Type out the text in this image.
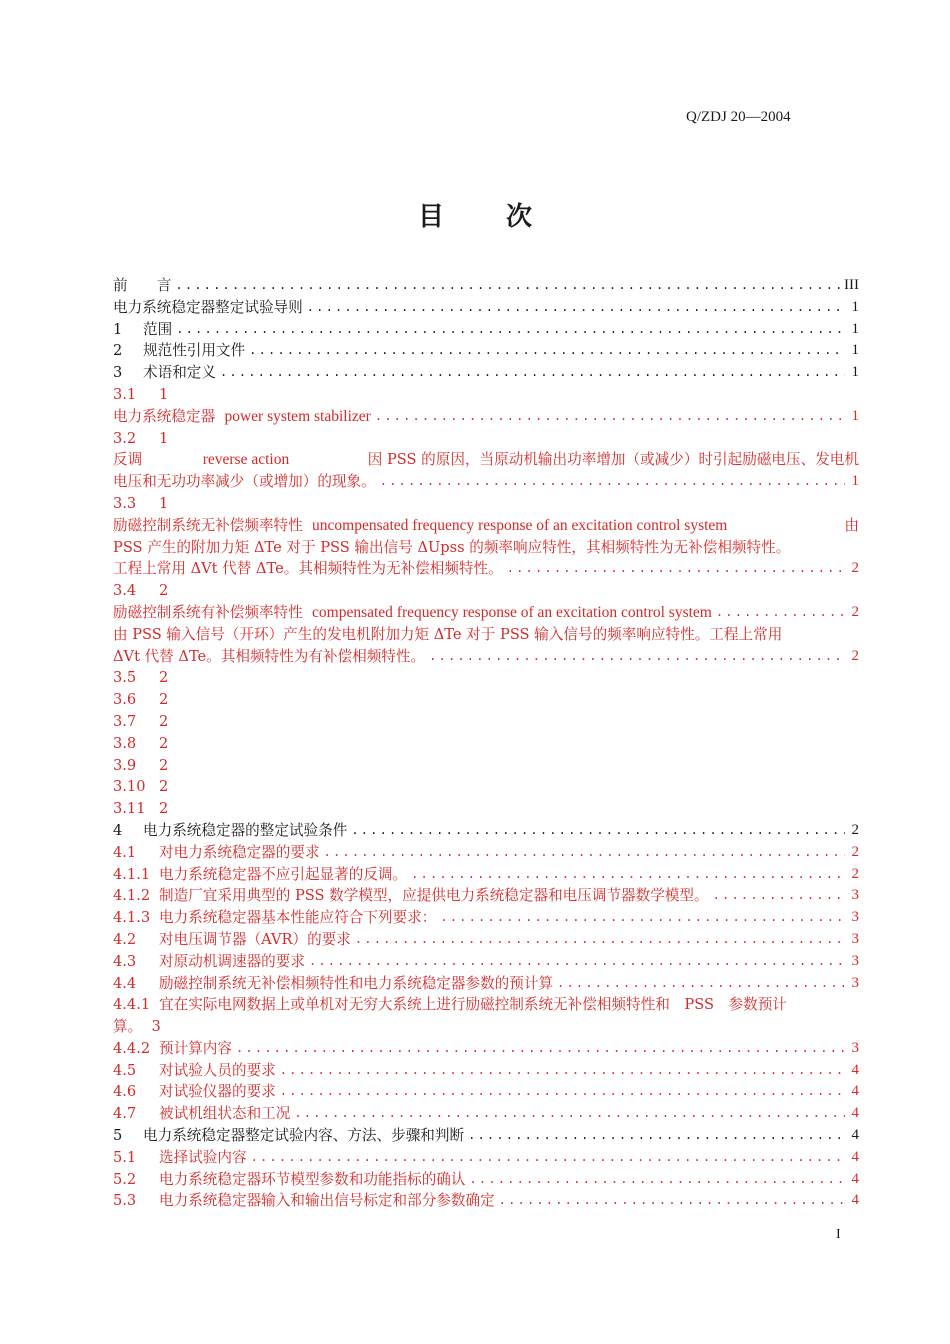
Q/ZDJ 20—2004
目 次
前　　言 .....	III
电力系统稳定器整定试验导则 .....	1
1 范围 .....	1
2 规范性引用文件 .....	1
3 术语和定义 .....	1
3.1 1
电力系统稳定器 power system stabilizer .....	1
3.2 1
反调	reverse action	因 PSS 的原因，当原动机输出功率增加（或减少）时引起励磁电压、发电机
电压和无功功率减少（或增加）的现象。 .....	1
3.3 1
励磁控制系统无补偿频率特性 uncompensated frequency response of an excitation control system	由
PSS 产生的附加力矩 ΔTe 对于 PSS 输出信号 ΔUpss 的频率响应特性，其相频特性为无补偿相频特性。
工程上常用 ΔVt 代替 ΔTe。其相频特性为无补偿相频特性。 .....	2
3.4 2
励磁控制系统有补偿频率特性 compensated frequency response of an excitation control system .....	2
由 PSS 输入信号（开环）产生的发电机附加力矩 ΔTe 对于 PSS 输入信号的频率响应特性。工程上常用
ΔVt 代替 ΔTe。其相频特性为有补偿相频特性。 .....	2
3.5 2
3.6 2
3.7 2
3.8 2
3.9 2
3.10 2
3.11 2
4 电力系统稳定器的整定试验条件 .....	2
4.1 对电力系统稳定器的要求 .....	2
4.1.1 电力系统稳定器不应引起显著的反调。 .....	2
4.1.2 制造厂宜采用典型的 PSS 数学模型，应提供电力系统稳定器和电压调节器数学模型。 .....	3
4.1.3 电力系统稳定器基本性能应符合下列要求： .....	3
4.2 对电压调节器（AVR）的要求 .....	3
4.3 对原动机调速器的要求 .....	3
4.4 励磁控制系统无补偿相频特性和电力系统稳定器参数的预计算 .....	3
4.4.1 宜在实际电网数据上或单机对无穷大系统上进行励磁控制系统无补偿相频特性和　PSS　参数预计
算。 3
4.4.2 预计算内容 .....	3
4.5 对试验人员的要求 .....	4
4.6 对试验仪器的要求 .....	4
4.7 被试机组状态和工况 .....	4
5 电力系统稳定器整定试验内容、方法、步骤和判断 .....	4
5.1 选择试验内容 .....	4
5.2 电力系统稳定器环节模型参数和功能指标的确认 .....	4
5.3 电力系统稳定器输入和输出信号标定和部分参数确定 .....	4
I
